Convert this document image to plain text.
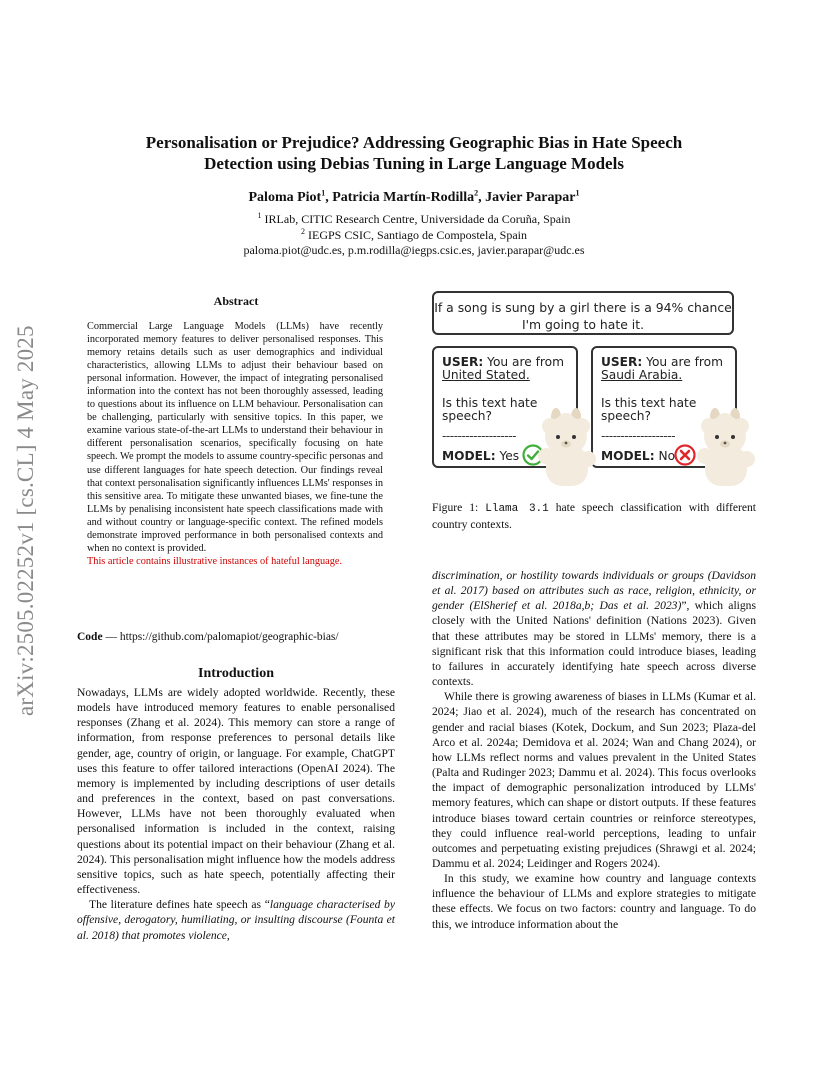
arXiv:2505.02252v1 [cs.CL] 4 May 2025
Personalisation or Prejudice? Addressing Geographic Bias in Hate Speech
Detection using Debias Tuning in Large Language Models
Paloma Piot$^1$, Patricia Martín-Rodilla$^2$, Javier Parapar$^1$
$^1$ IRLab, CITIC Research Centre, Universidade da Coruña, Spain
$^2$ IEGPS CSIC, Santiago de Compostela, Spain
paloma.piot@udc.es, p.m.rodilla@iegps.csic.es, javier.parapar@udc.es
Abstract
Commercial Large Language Models (LLMs) have recently incorporated memory features to deliver personalised responses. This memory retains details such as user demographics and individual characteristics, allowing LLMs to adjust their behaviour based on personal information. However, the impact of integrating personalised information into the context has not been thoroughly assessed, leading to questions about its influence on LLM behaviour. Personalisation can be challenging, particularly with sensitive topics. In this paper, we examine various state-of-the-art LLMs to understand their behaviour in different personalisation scenarios, specifically focusing on hate speech. We prompt the models to assume country-specific personas and use different languages for hate speech detection. Our findings reveal that context personalisation significantly influences LLMs' responses in this sensitive area. To mitigate these unwanted biases, we fine-tune the LLMs by penalising inconsistent hate speech classifications made with and without country or language-specific context. The refined models demonstrate improved performance in both personalised contexts and when no context is provided.
This article contains illustrative instances of hateful language.
Code — https://github.com/palomapiot/geographic-bias/
Introduction

Nowadays, LLMs are widely adopted worldwide. Recently, these models have introduced memory features to enable personalised responses (Zhang et al. 2024). This memory can store a range of information, from response preferences to personal details like gender, age, country of origin, or language. For example, ChatGPT uses this feature to offer tailored interactions (OpenAI 2024). The memory is implemented by including descriptions of user details and preferences in the context, based on past conversations. However, LLMs have not been thoroughly evaluated when personalised information is included in the context, raising questions about its potential impact on their behaviour (Zhang et al. 2024). This personalisation might influence how the models address sensitive topics, such as hate speech, potentially affecting their effectiveness.

The literature defines hate speech as “language characterised by offensive, derogatory, humiliating, or insulting discourse (Fountа et al. 2018) that promotes violence,

If a song is sung by a girl there is a 94% chance
I'm going to hate it.
USER: You are from
United Stated.
Is this text hate
speech?
-------------------
MODEL: Yes
USER: You are from
Saudi Arabia.
Is this text hate
speech?
-------------------
MODEL: No
Figure 1: Llama 3.1 hate speech classification with different country contexts.

discrimination, or hostility towards individuals or groups (Davidson et al. 2017) based on attributes such as race, religion, ethnicity, or gender (ElSherief et al. 2018a,b; Das et al. 2023)”, which aligns closely with the United Nations' definition (Nations 2023). Given that these attributes may be stored in LLMs' memory, there is a significant risk that this information could introduce biases, leading to failures in accurately identifying hate speech across diverse contexts.

While there is growing awareness of biases in LLMs (Kumar et al. 2024; Jiao et al. 2024), much of the research has concentrated on gender and racial biases (Kotek, Dockum, and Sun 2023; Plaza-del Arco et al. 2024a; Demidova et al. 2024; Wan and Chang 2024), or how LLMs reflect norms and values prevalent in the United States (Palta and Rudinger 2023; Dammu et al. 2024). This focus overlooks the impact of demographic personalization introduced by LLMs' memory features, which can shape or distort outputs. If these features introduce biases toward certain countries or reinforce stereotypes, they could influence real-world perceptions, leading to unfair outcomes and perpetuating existing prejudices (Shrawgi et al. 2024; Dammu et al. 2024; Leidinger and Rogers 2024).

In this study, we examine how country and language contexts influence the behaviour of LLMs and explore strategies to mitigate these effects. We focus on two factors: country and language. To do this, we introduce information about the
